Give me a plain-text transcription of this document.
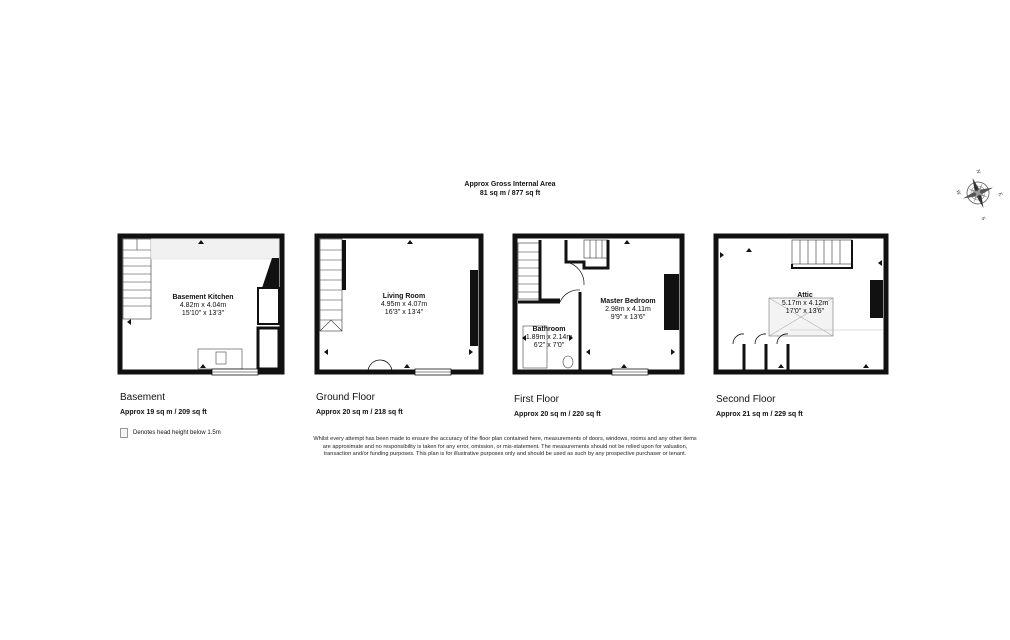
Approx Gross Internal Area
81 sq m / 877 sq ft
N
E
S
W
Basement Kitchen
4.82m x 4.04m
15'10" x 13'3"
Living Room
4.95m x 4.07m
16'3" x 13'4"
Bathroom
1.89m x 2.14m
6'2" x 7'0"
Master Bedroom
2.98m x 4.11m
9'9" x 13'6"
Attic
5.17m x 4.12m
17'0" x 13'6"
Basement
Approx 19 sq m / 209 sq ft
Ground Floor
Approx 20 sq m / 218 sq ft
First Floor
Approx 20 sq m / 220 sq ft
Second Floor
Approx 21 sq m / 229 sq ft
Denotes head height below 1.5m
Whilst every attempt has been made to ensure the accuracy of the floor plan contained here, measurements of doors, windows, rooms and any other items are approximate and no responsibility is taken for any error, omission, or mis-statement. The measurements should not be relied upon for valuation, transaction and/or funding purposes. This plan is for illustrative purposes only and should be used as such by any prospective purchaser or tenant.
